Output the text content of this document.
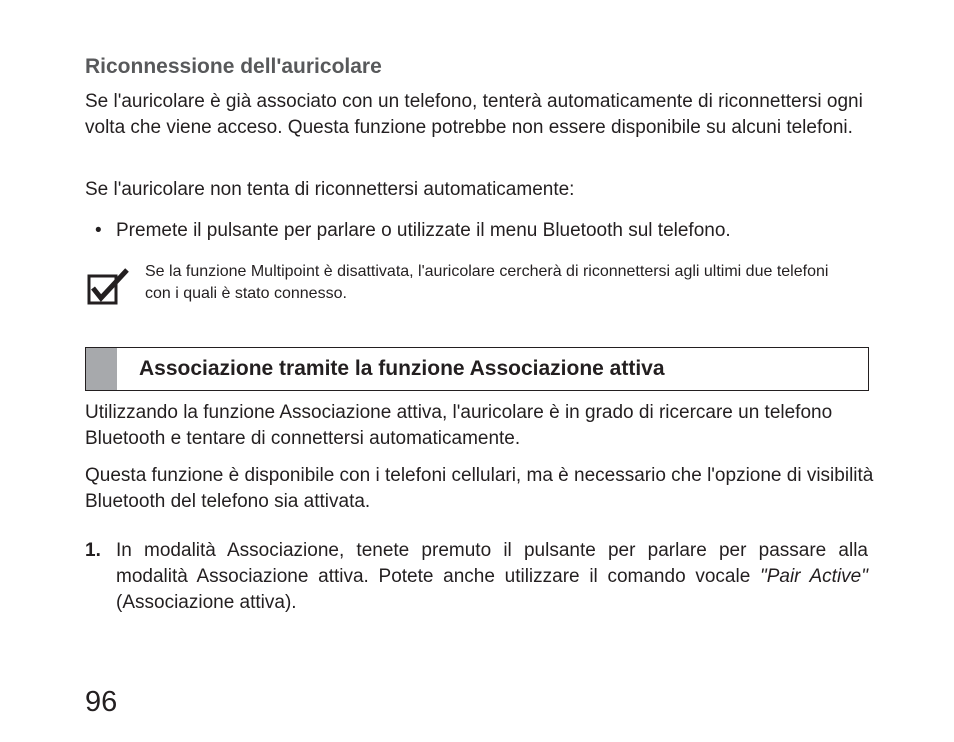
Riconnessione dell'auricolare
Se l'auricolare è già associato con un telefono, tenterà automaticamente di riconnettersi ogni volta che viene acceso. Questa funzione potrebbe non essere disponibile su alcuni telefoni.
Se l'auricolare non tenta di riconnettersi automaticamente:
• Premete il pulsante per parlare o utilizzate il menu Bluetooth sul telefono.
Se la funzione Multipoint è disattivata, l'auricolare cercherà di riconnettersi agli ultimi due telefoni con i quali è stato connesso.
Associazione tramite la funzione Associazione attiva
Utilizzando la funzione Associazione attiva, l'auricolare è in grado di ricercare un telefono Bluetooth e tentare di connettersi automaticamente.
Questa funzione è disponibile con i telefoni cellulari, ma è necessario che l'opzione di visibilità Bluetooth del telefono sia attivata.
1. In modalità Associazione, tenete premuto il pulsante per parlare per passare alla modalità Associazione attiva. Potete anche utilizzare il comando vocale "Pair Active" (Associazione attiva).
96
